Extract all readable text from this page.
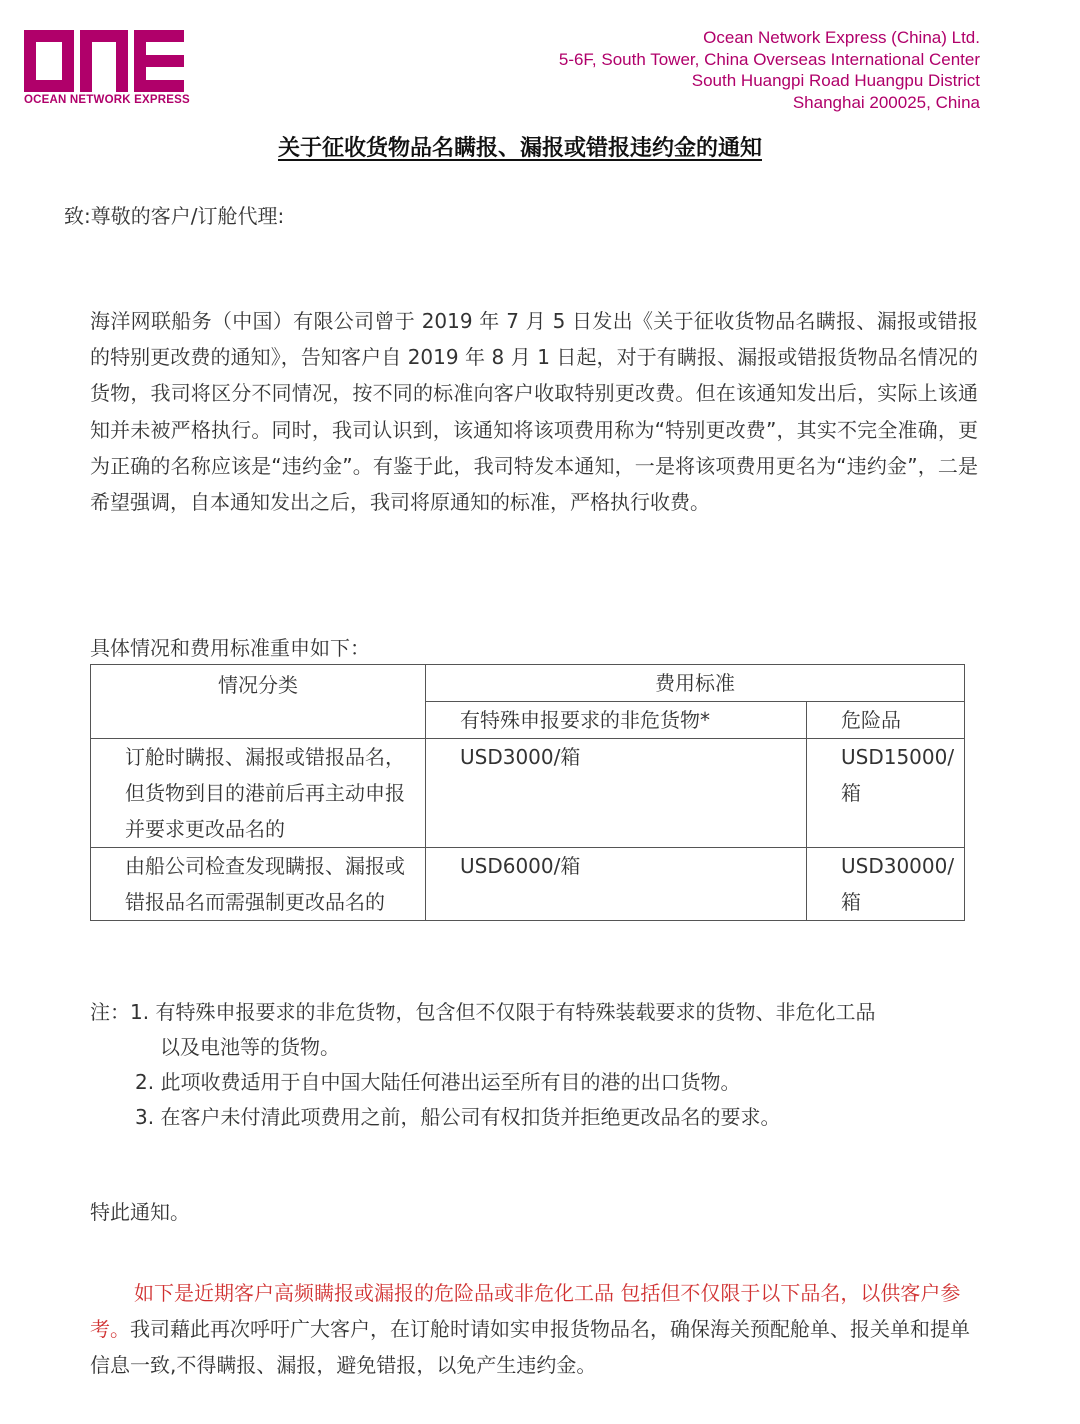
OCEAN NETWORK EXPRESS
Ocean Network Express (China) Ltd.
5-6F, South Tower, China Overseas International Center
South Huangpi Road Huangpu District
Shanghai 200025, China
关于征收货物品名瞒报、漏报或错报违约金的通知
致:尊敬的客户/订舱代理:
海洋网联船务（中国）有限公司曾于 2019 年 7 月 5 日发出《关于征收货物品名瞒报、漏报或错报的特别更改费的通知》，告知客户自 2019 年 8 月 1 日起，对于有瞒报、漏报或错报货物品名情况的货物，我司将区分不同情况，按不同的标准向客户收取特别更改费。但在该通知发出后，实际上该通知并未被严格执行。同时，我司认识到，该通知将该项费用称为“特别更改费”，其实不完全准确，更为正确的名称应该是“违约金”。有鉴于此，我司特发本通知，一是将该项费用更名为“违约金”，二是希望强调，自本通知发出之后，我司将原通知的标准，严格执行收费。
具体情况和费用标准重申如下：
情况分类	费用标准	
	有特殊申报要求的非危货物*	危险品
订舱时瞒报、漏报或错报品名，但货物到目的港前后再主动申报并要求更改品名的	USD3000/箱	USD15000/箱
由船公司检查发现瞒报、漏报或错报品名而需强制更改品名的	USD6000/箱	USD30000/箱
注：1. 有特殊申报要求的非危货物，包含但不仅限于有特殊装载要求的货物、非危化工品
以及电池等的货物。
2. 此项收费适用于自中国大陆任何港出运至所有目的港的出口货物。
3. 在客户未付清此项费用之前，船公司有权扣货并拒绝更改品名的要求。
特此通知。
如下是近期客户高频瞒报或漏报的危险品或非危化工品 包括但不仅限于以下品名，以供客户参考。我司藉此再次呼吁广大客户，在订舱时请如实申报货物品名，确保海关预配舱单、报关单和提单信息一致,不得瞒报、漏报，避免错报，以免产生违约金。
